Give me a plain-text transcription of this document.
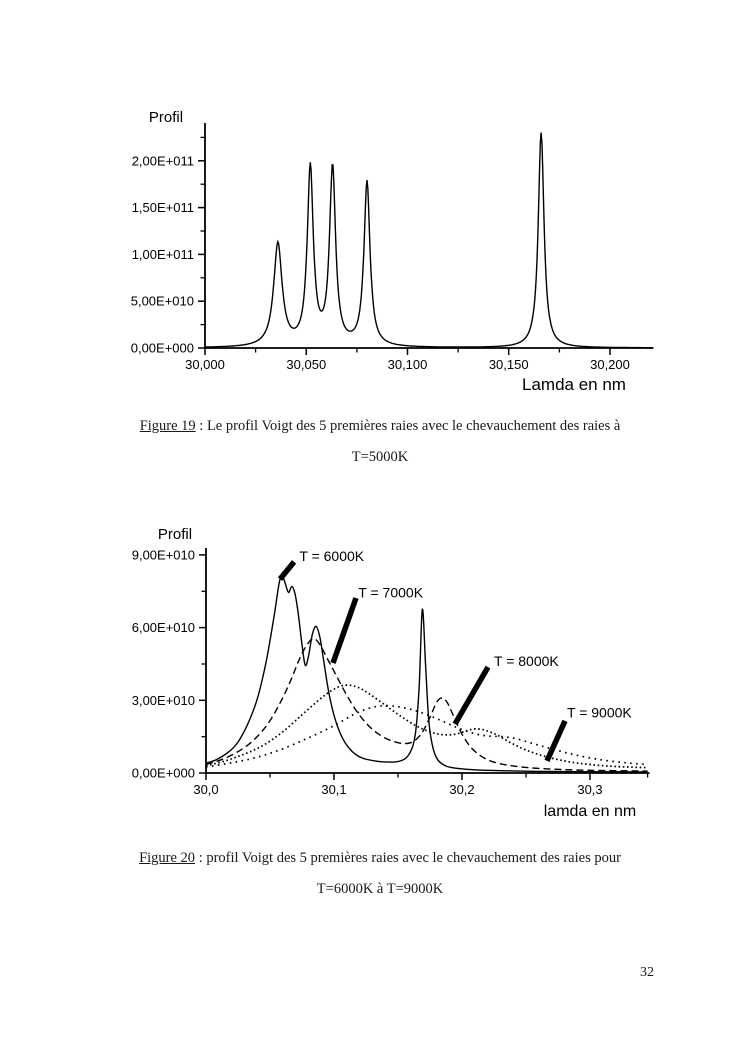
30,000	30,050	30,100	30,150	30,200
0,00E+000
5,00E+010
1,00E+011
1,50E+011
2,00E+011
Profil
Lamda en nm
30,0	30,1	30,2	30,3
0,00E+000
3,00E+010
6,00E+010
9,00E+010
Profil
lamda en nm
T = 6000K
T = 7000K
T = 8000K
T = 9000K
Figure 19 : Le profil Voigt des 5 premières raies avec le chevauchement des raies à
T=5000K
Figure 20 : profil Voigt des 5 premières raies avec le chevauchement des raies pour
T=6000K à T=9000K
32
